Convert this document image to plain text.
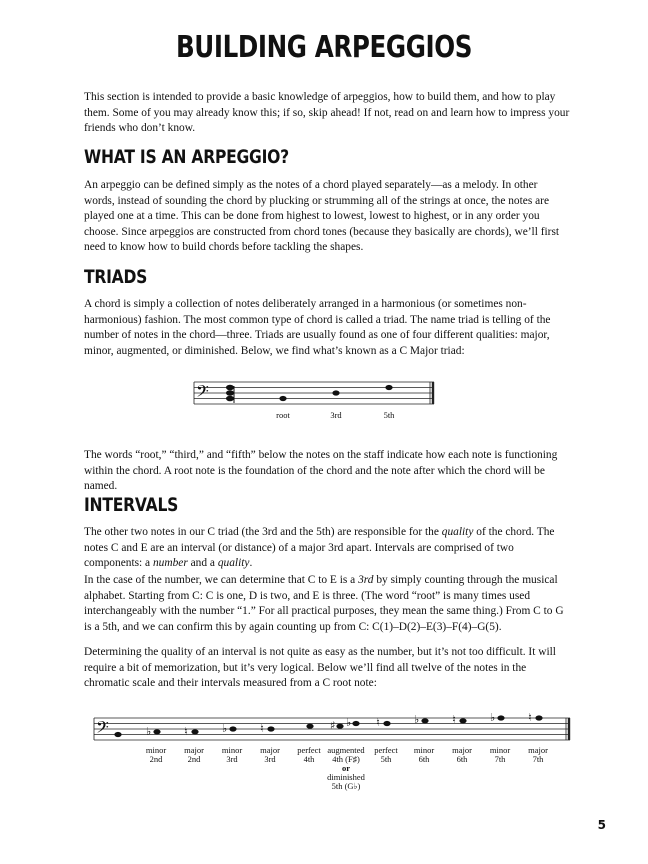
BUILDING ARPEGGIOS

This section is intended to provide a basic knowledge of arpeggios, how to build them, and how to play them. Some of you may already know this; if so, skip ahead! If not, read on and learn how to impress your friends who don’t know.

WHAT IS AN ARPEGGIO?

An arpeggio can be defined simply as the notes of a chord played separately—as a melody. In other words, instead of sounding the chord by plucking or strumming all of the strings at once, the notes are played one at a time. This can be done from highest to lowest, lowest to highest, or in any order you choose. Since arpeggios are constructed from chord tones (because they basically are chords), we’ll first need to know how to build chords before tackling the shapes.

TRIADS

A chord is simply a collection of notes deliberately arranged in a harmonious (or sometimes non-harmonious) fashion. The most common type of chord is called a triad. The name triad is telling of the number of notes in the chord—three. Triads are usually found as one of four different qualities: major, minor, augmented, or diminished. Below, we find what’s known as a C Major triad:

𝄢
root	3rd	5th

The words “root,” “third,” and “fifth” below the notes on the staff indicate how each note is functioning within the chord. A root note is the foundation of the chord and the note after which the chord will be named.

INTERVALS

The other two notes in our C triad (the 3rd and the 5th) are responsible for the quality of the chord. The notes C and E are an interval (or distance) of a major 3rd apart. Intervals are comprised of two components: a number and a quality.

In the case of the number, we can determine that C to E is a 3rd by simply counting through the musical alphabet. Starting from C: C is one, D is two, and E is three. (The word “root” is many times used interchangeably with the number “1.” For all practical purposes, they mean the same thing.) From C to G is a 5th, and we can confirm this by again counting up from C: C(1)–D(2)–E(3)–F(4)–G(5).

Determining the quality of an interval is not quite as easy as the number, but it’s not too difficult. It will require a bit of memorization, but it’s very logical. Below we’ll find all twelve of the notes in the chromatic scale and their intervals measured from a C root note:

𝄢	♭	♮	♭	♮	♯ ♭ ♮	♭	♮	♭	♮
minor
2nd
major
2nd
minor
3rd
major
3rd
perfect
4th
augmented
4th (F♯)
or
diminished
5th (G♭)
perfect
5th
minor
6th
major
6th
minor
7th
major
7th
5
